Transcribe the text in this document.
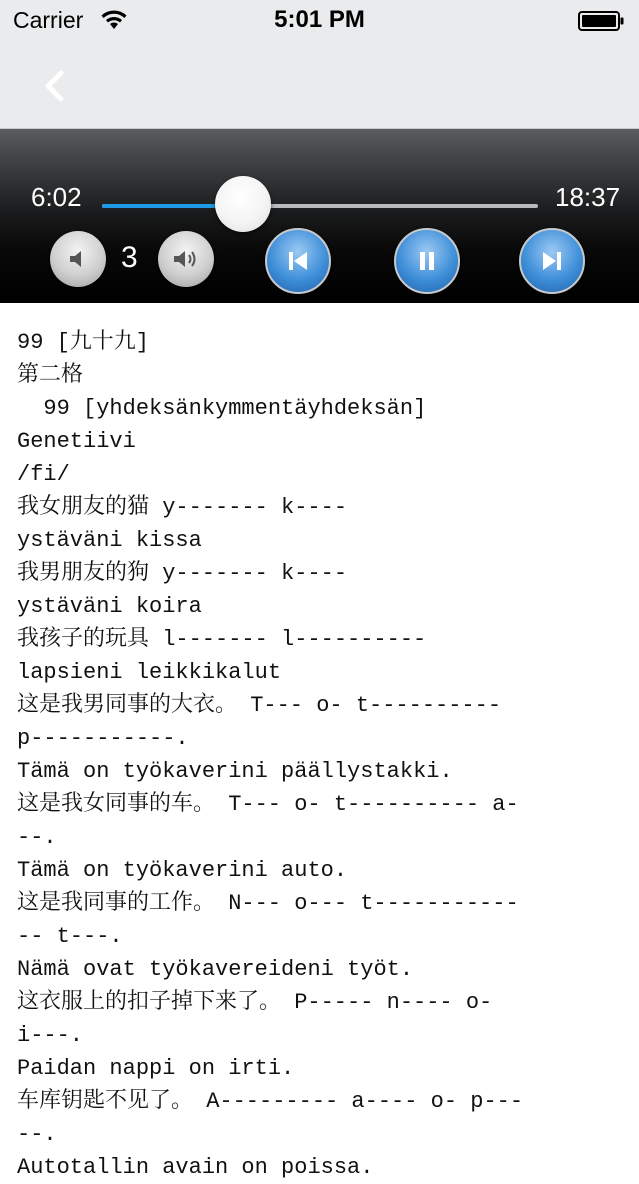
Carrier	5:01 PM
6:02	18:37
3
99 [九十九]
第二格
99 [yhdeksänkymmentäyhdeksän]
Genetiivi
/fi/
我女朋友的猫 y------- k----
ystäväni kissa
我男朋友的狗 y------- k----
ystäväni koira
我孩子的玩具 l------- l----------
lapsieni leikkikalut
这是我男同事的大衣。 T--- o- t----------
p-----------.
Tämä on työkaverini päällystakki.
这是我女同事的车。 T--- o- t---------- a-
--.
Tämä on työkaverini auto.
这是我同事的工作。 N--- o--- t-----------
-- t---.
Nämä ovat työkavereideni työt.
这衣服上的扣子掉下来了。 P----- n---- o-
i---.
Paidan nappi on irti.
车库钥匙不见了。 A--------- a---- o- p---
--.
Autotallin avain on poissa.
